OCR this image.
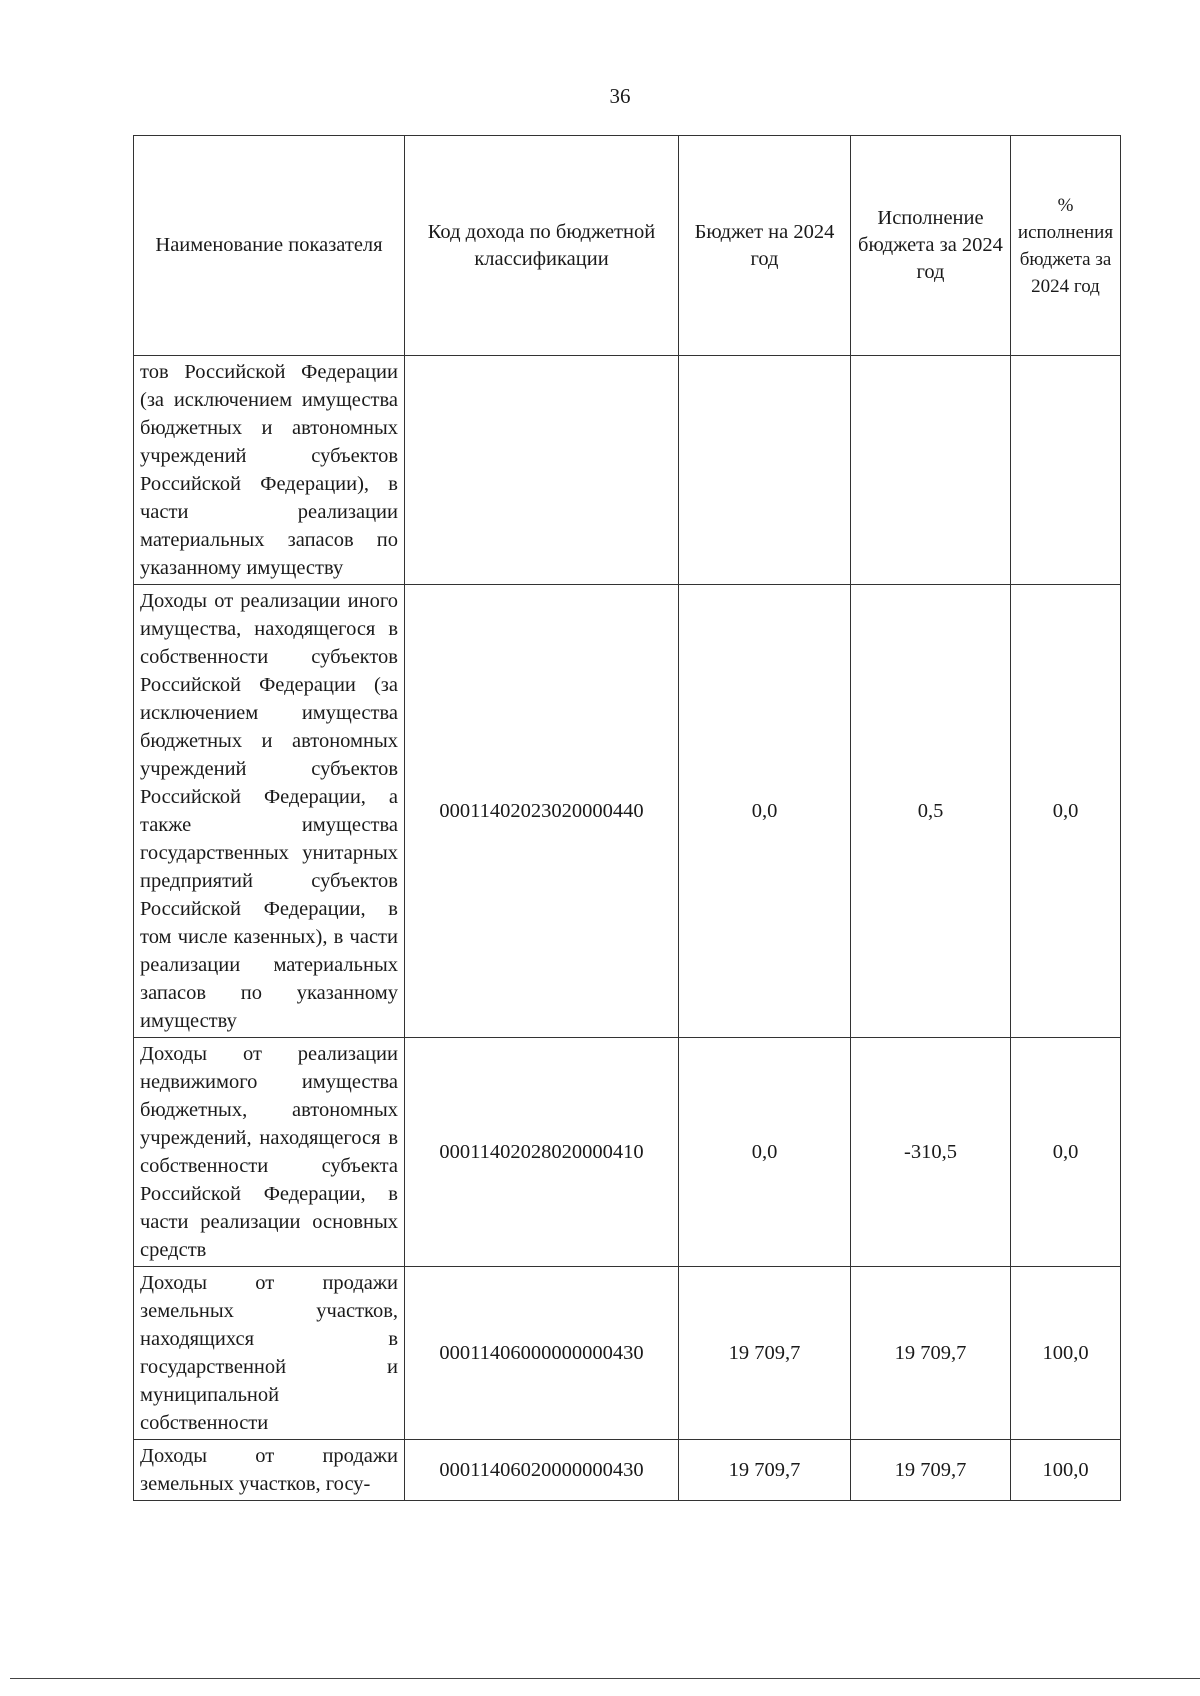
36
Наименование показателя	Код дохода по бюджетной классификации	Бюджет на 2024 год	Исполнение бюджета за 2024 год	% исполнения бюджета за 2024 год
тов Российской Федерации (за исключением имущества бюджетных и автономных учреждений субъектов Российской Федерации), в части реализации материальных запасов по указанному имуществу				
Доходы от реализации иного имущества, находящегося в собственности субъектов Российской Федерации (за исключением имущества бюджетных и автономных учреждений субъектов Российской Федерации, а также имущества государственных унитарных предприятий субъектов Российской Федерации, в том числе казенных), в части реализации материальных запасов по указанному имуществу	00011402023020000440	0,0	0,5	0,0
Доходы от реализации недвижимого имущества бюджетных, автономных учреждений, находящегося в собственности субъекта Российской Федерации, в части реализации основных средств	00011402028020000410	0,0	-310,5	0,0
Доходы от продажи земельных участков, находящихся в государственной и муниципальной собственности	00011406000000000430	19 709,7	19 709,7	100,0
Доходы от продажи земельных участков, госу-	00011406020000000430	19 709,7	19 709,7	100,0
